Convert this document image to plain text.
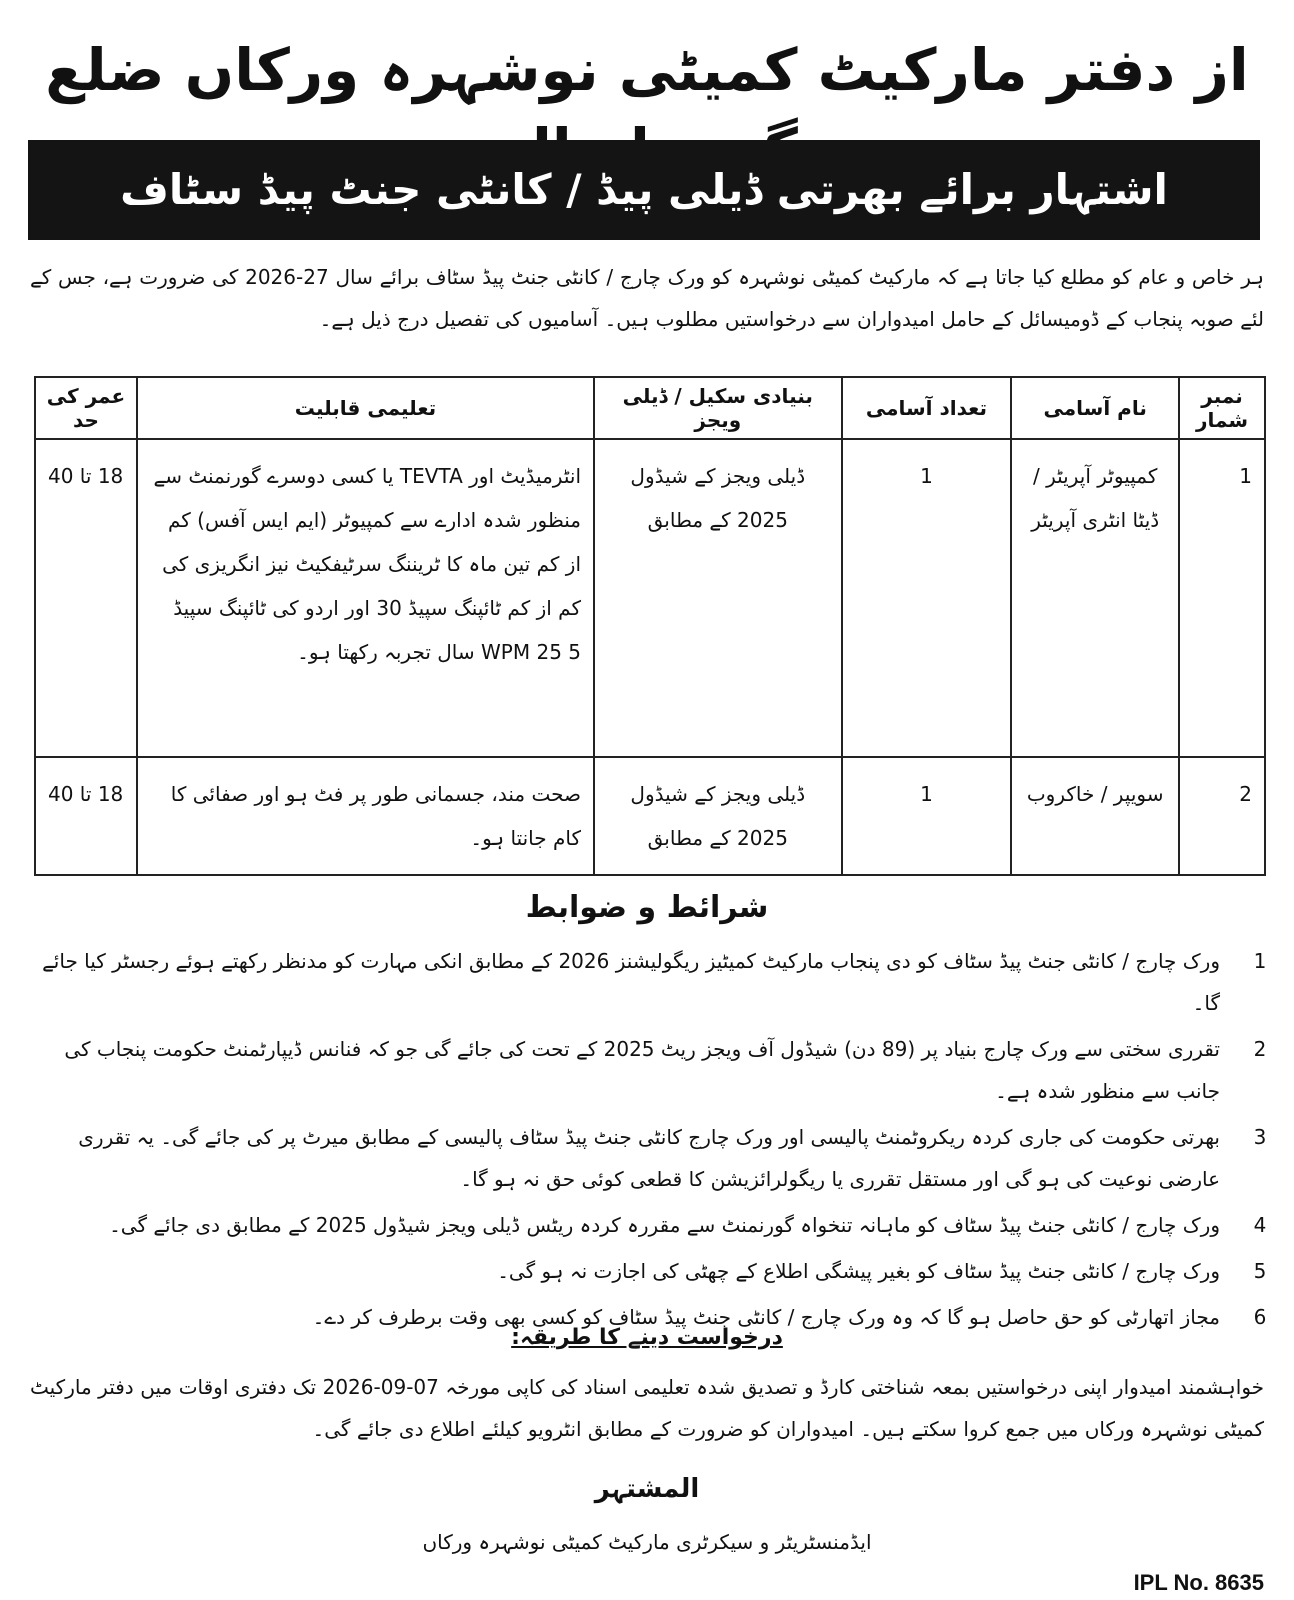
از دفتر مارکیٹ کمیٹی نوشہرہ ورکاں ضلع
اشتہار برائے بھرتی ڈیلی پیڈ / کانٹی جنٹ پیڈ سٹاف
ہر خاص و عام کو مطلع کیا جاتا ہے کہ مارکیٹ کمیٹی نوشہرہ کو ورک چارج / کانٹی جنٹ پیڈ سٹاف برائے سال 27-2026 کی ضرورت ہے، جس کے لئے صوبہ پنجاب کے ڈومیسائل کے حامل امیدواران سے درخواستیں مطلوب ہیں۔ آسامیوں کی تفصیل درج ذیل ہے۔
نمبر شمار	نام آسامی	تعداد آسامی	بنیادی سکیل / ڈیلی ویجز	تعلیمی قابلیت	عمر کی حد
1	کمپیوٹر آپریٹر / ڈیٹا انٹری آپریٹر	1	ڈیلی ویجز کے شیڈول 2025 کے مطابق	انٹرمیڈیٹ اور TEVTA یا کسی دوسرے گورنمنٹ سے منظور شدہ ادارے سے کمپیوٹر (ایم ایس آفس) کم از کم تین ماہ کا ٹریننگ سرٹیفکیٹ نیز انگریزی کی کم از کم ٹائپنگ سپیڈ 30 اور اردو کی ٹائپنگ سپیڈ WPM 25 5 سال تجربہ رکھتا ہو۔	18 تا 40
2	سویپر / خاکروب	1	ڈیلی ویجز کے شیڈول 2025 کے مطابق	صحت مند، جسمانی طور پر فٹ ہو اور صفائی کا کام جانتا ہو۔	18 تا 40
شرائط و ضوابط
1
ورک چارج / کانٹی جنٹ پیڈ سٹاف کو دی پنجاب مارکیٹ کمیٹیز ریگولیشنز 2026 کے مطابق انکی مہارت کو مدنظر رکھتے ہوئے رجسٹر کیا جائے گا۔
2
تقرری سختی سے ورک چارج بنیاد پر (89 دن) شیڈول آف ویجز ریٹ 2025 کے تحت کی جائے گی جو کہ فنانس ڈیپارٹمنٹ حکومت پنجاب کی جانب سے منظور شدہ ہے۔
3
بھرتی حکومت کی جاری کردہ ریکروٹمنٹ پالیسی اور ورک چارج کانٹی جنٹ پیڈ سٹاف پالیسی کے مطابق میرٹ پر کی جائے گی۔ یہ تقرری عارضی نوعیت کی ہو گی اور مستقل تقرری یا ریگولرائزیشن کا قطعی کوئی حق نہ ہو گا۔
4
ورک چارج / کانٹی جنٹ پیڈ سٹاف کو ماہانہ تنخواہ گورنمنٹ سے مقررہ کردہ ریٹس ڈیلی ویجز شیڈول 2025 کے مطابق دی جائے گی۔
5
ورک چارج / کانٹی جنٹ پیڈ سٹاف کو بغیر پیشگی اطلاع کے چھٹی کی اجازت نہ ہو گی۔
6
مجاز اتھارٹی کو حق حاصل ہو گا کہ وہ ورک چارج / کانٹی جنٹ پیڈ سٹاف کو کسی بھی وقت برطرف کر دے۔
درخواست دینے کا طریقہ:
خواہشمند امیدوار اپنی درخواستیں بمعہ شناختی کارڈ و تصدیق شدہ تعلیمی اسناد کی کاپی مورخہ 07-09-2026 تک دفتری اوقات میں دفتر مارکیٹ کمیٹی نوشہرہ ورکاں میں جمع کروا سکتے ہیں۔ امیدواران کو ضرورت کے مطابق انٹرویو کیلئے اطلاع دی جائے گی۔
المشتہر
ایڈمنسٹریٹر و سیکرٹری مارکیٹ کمیٹی نوشہرہ ورکاں
IPL No. 8635
